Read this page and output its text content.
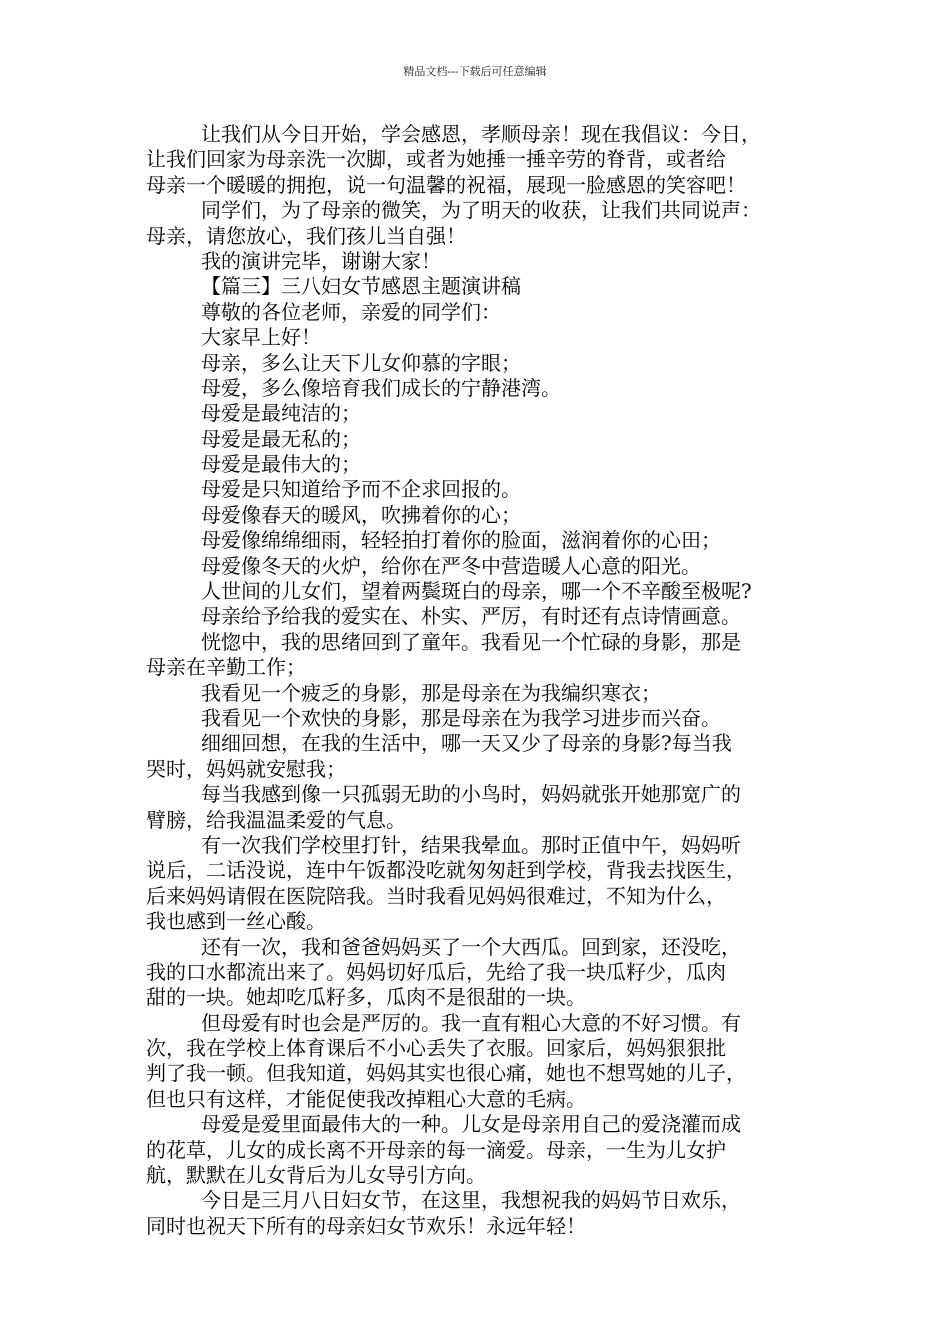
精品文档---下载后可任意编辑
让我们从今日开始，学会感恩，孝顺母亲！现在我倡议：今日，
让我们回家为母亲洗一次脚，或者为她捶一捶辛劳的脊背，或者给
母亲一个暖暖的拥抱，说一句温馨的祝福，展现一脸感恩的笑容吧！
同学们，为了母亲的微笑，为了明天的收获，让我们共同说声：
母亲，请您放心，我们孩儿当自强！
我的演讲完毕，谢谢大家！
【篇三】三八妇女节感恩主题演讲稿
尊敬的各位老师，亲爱的同学们：
大家早上好！
母亲，多么让天下儿女仰慕的字眼；
母爱，多么像培育我们成长的宁静港湾。
母爱是最纯洁的；
母爱是最无私的；
母爱是最伟大的；
母爱是只知道给予而不企求回报的。
母爱像春天的暖风，吹拂着你的心；
母爱像绵绵细雨，轻轻拍打着你的脸面，滋润着你的心田；
母爱像冬天的火炉，给你在严冬中营造暖人心意的阳光。
人世间的儿女们，望着两鬓斑白的母亲，哪一个不辛酸至极呢?
母亲给予给我的爱实在、朴实、严厉，有时还有点诗情画意。
恍惚中，我的思绪回到了童年。我看见一个忙碌的身影，那是
母亲在辛勤工作；
我看见一个疲乏的身影，那是母亲在为我编织寒衣；
我看见一个欢快的身影，那是母亲在为我学习进步而兴奋。
细细回想，在我的生活中，哪一天又少了母亲的身影?每当我
哭时，妈妈就安慰我；
每当我感到像一只孤弱无助的小鸟时，妈妈就张开她那宽广的
臂膀，给我温温柔爱的气息。
有一次我们学校里打针，结果我晕血。那时正值中午，妈妈听
说后，二话没说，连中午饭都没吃就匆匆赶到学校，背我去找医生，
后来妈妈请假在医院陪我。当时我看见妈妈很难过，不知为什么，
我也感到一丝心酸。
还有一次，我和爸爸妈妈买了一个大西瓜。回到家，还没吃，
我的口水都流出来了。妈妈切好瓜后，先给了我一块瓜籽少，瓜肉
甜的一块。她却吃瓜籽多，瓜肉不是很甜的一块。
但母爱有时也会是严厉的。我一直有粗心大意的不好习惯。有
次，我在学校上体育课后不小心丢失了衣服。回家后，妈妈狠狠批
判了我一顿。但我知道，妈妈其实也很心痛，她也不想骂她的儿子，
但也只有这样，才能促使我改掉粗心大意的毛病。
母爱是爱里面最伟大的一种。儿女是母亲用自己的爱浇灌而成
的花草，儿女的成长离不开母亲的每一滴爱。母亲，一生为儿女护
航，默默在儿女背后为儿女导引方向。
今日是三月八日妇女节，在这里，我想祝我的妈妈节日欢乐，
同时也祝天下所有的母亲妇女节欢乐！永远年轻！
